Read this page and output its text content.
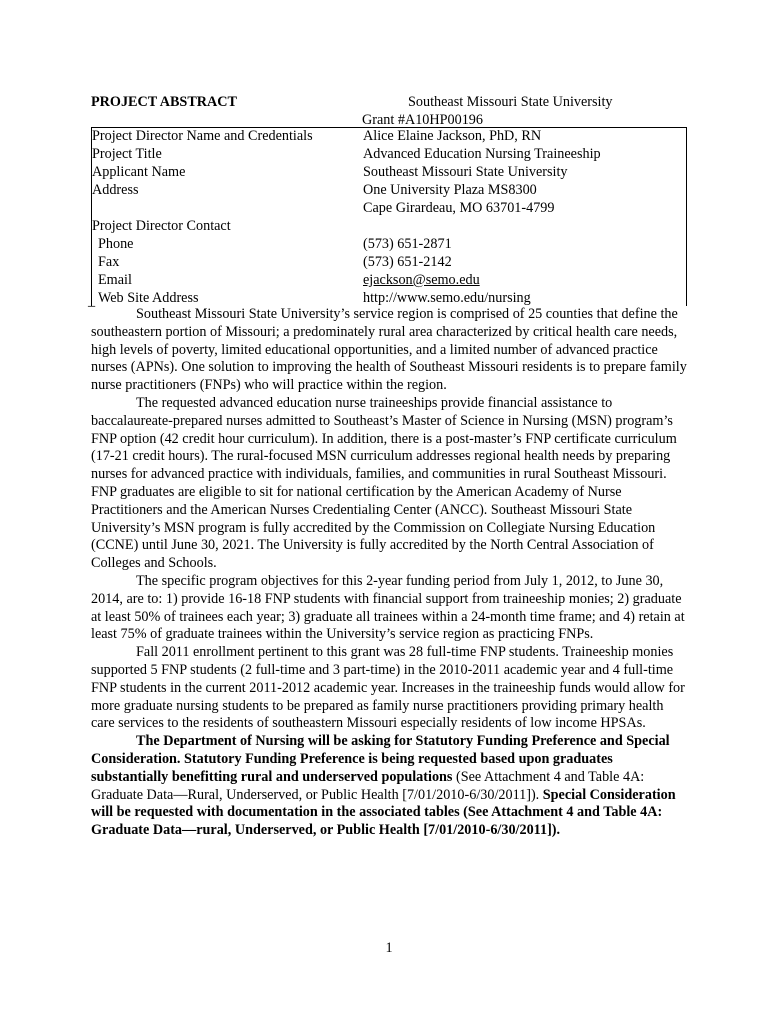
PROJECT ABSTRACT	Southeast Missouri State University
Grant #A10HP00196
Project Director Name and Credentials	Alice Elaine Jackson, PhD, RN
Project Title	Advanced Education Nursing Traineeship
Applicant Name	Southeast Missouri State University
Address	One University Plaza MS8300
Cape Girardeau, MO 63701-4799
Project Director Contact
Phone	(573) 651-2871
Fax	(573) 651-2142
Email	ejackson@semo.edu
_ Web Site Address	http://www.semo.edu/nursing

Southeast Missouri State University’s service region is comprised of 25 counties that define the southeastern portion of Missouri; a predominately rural area characterized by critical health care needs, high levels of poverty, limited educational opportunities, and a limited number of advanced practice nurses (APNs). One solution to improving the health of Southeast Missouri residents is to prepare family nurse practitioners (FNPs) who will practice within the region.

The requested advanced education nurse traineeships provide financial assistance to baccalaureate-prepared nurses admitted to Southeast’s Master of Science in Nursing (MSN) program’s FNP option (42 credit hour curriculum). In addition, there is a post-master’s FNP certificate curriculum (17-21 credit hours). The rural-focused MSN curriculum addresses regional health needs by preparing nurses for advanced practice with individuals, families, and communities in rural Southeast Missouri. FNP graduates are eligible to sit for national certification by the American Academy of Nurse Practitioners and the American Nurses Credentialing Center (ANCC). Southeast Missouri State University’s MSN program is fully accredited by the Commission on Collegiate Nursing Education (CCNE) until June 30, 2021. The University is fully accredited by the North Central Association of Colleges and Schools.

The specific program objectives for this 2-year funding period from July 1, 2012, to June 30, 2014, are to: 1) provide 16-18 FNP students with financial support from traineeship monies; 2) graduate at least 50% of trainees each year; 3) graduate all trainees within a 24-month time frame; and 4) retain at least 75% of graduate trainees within the University’s service region as practicing FNPs.

Fall 2011 enrollment pertinent to this grant was 28 full-time FNP students. Traineeship monies supported 5 FNP students (2 full-time and 3 part-time) in the 2010-2011 academic year and 4 full-time FNP students in the current 2011-2012 academic year. Increases in the traineeship funds would allow for more graduate nursing students to be prepared as family nurse practitioners providing primary health care services to the residents of southeastern Missouri especially residents of low income HPSAs.

The Department of Nursing will be asking for Statutory Funding Preference and Special Consideration. Statutory Funding Preference is being requested based upon graduates substantially benefitting rural and underserved populations (See Attachment 4 and Table 4A: Graduate Data—Rural, Underserved, or Public Health [7/01/2010-6/30/2011]). Special Consideration will be requested with documentation in the associated tables (See Attachment 4 and Table 4A: Graduate Data—rural, Underserved, or Public Health [7/01/2010-6/30/2011]).

1
